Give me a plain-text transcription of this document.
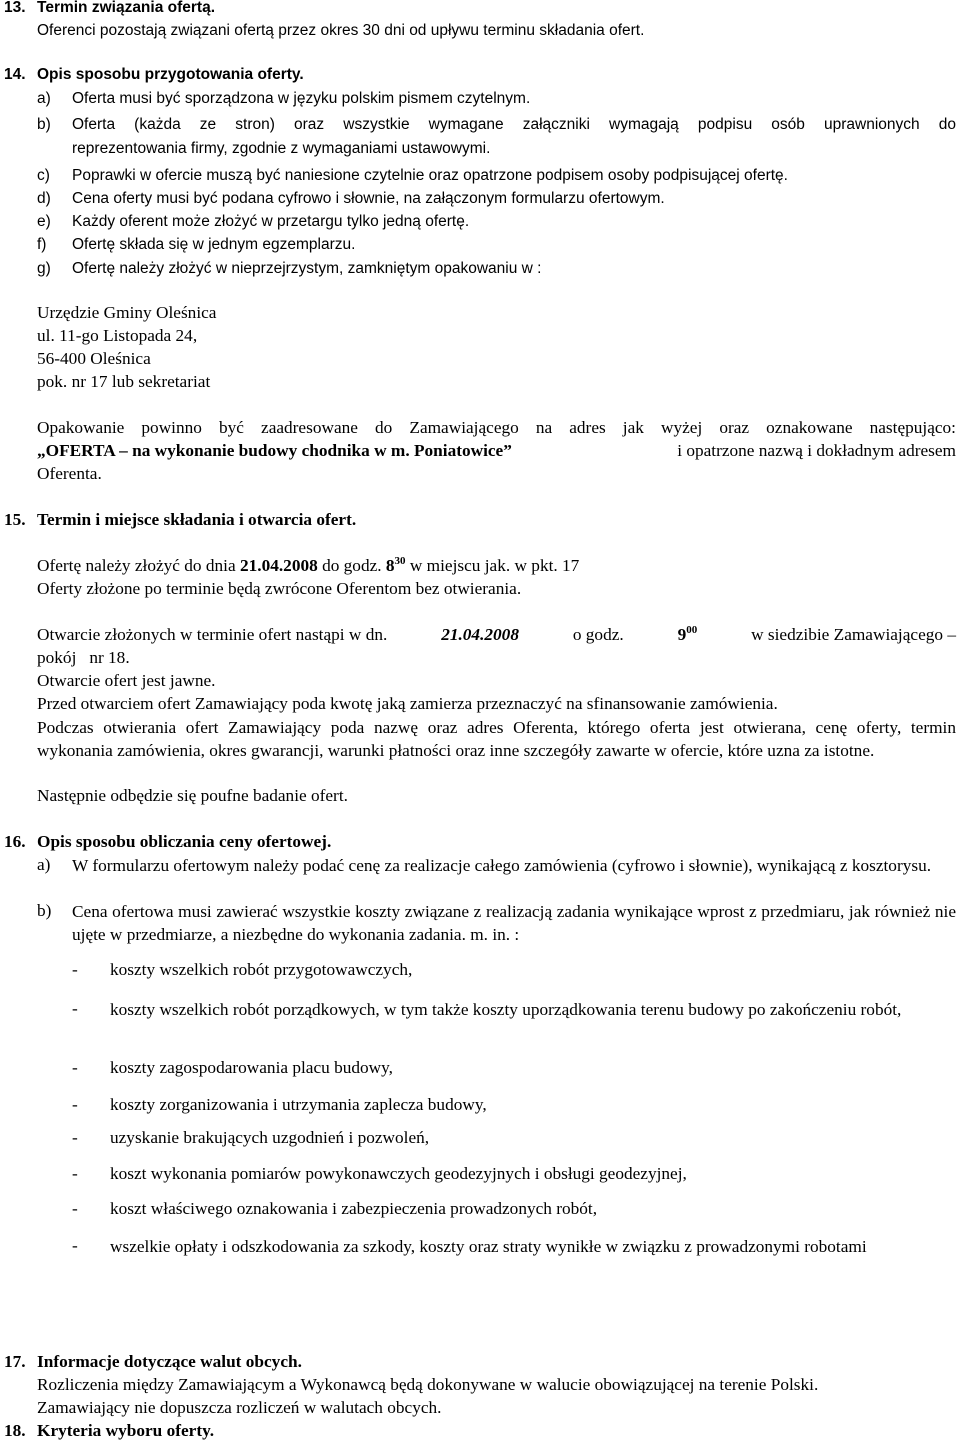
13. Termin związania ofertą.
Oferenci pozostają związani ofertą przez okres 30 dni od upływu terminu składania ofert.
14. Opis sposobu przygotowania oferty.
a) Oferta musi być sporządzona w języku polskim pismem czytelnym.
b) Oferta (każda ze stron) oraz wszystkie wymagane załączniki wymagają podpisu osób uprawnionych do
reprezentowania firmy, zgodnie z wymaganiami ustawowymi.
c) Poprawki w ofercie muszą być naniesione czytelnie oraz opatrzone podpisem osoby podpisującej ofertę.
d) Cena oferty musi być podana cyfrowo i słownie, na załączonym formularzu ofertowym.
e) Każdy oferent może złożyć w przetargu tylko jedną ofertę.
f) Ofertę składa się w jednym egzemplarzu.
g) Ofertę należy złożyć w nieprzejrzystym, zamkniętym opakowaniu w :
Urzędzie Gminy Oleśnica
ul. 11-go Listopada 24,
56-400 Oleśnica
pok. nr 17 lub sekretariat
Opakowanie powinno być zaadresowane do Zamawiającego na adres jak wyżej oraz oznakowane następująco:
„OFERTA – na wykonanie budowy chodnika w m. Poniatowice”	i opatrzone nazwą i dokładnym adresem
Oferenta.
15. Termin i miejsce składania i otwarcia ofert.
Ofertę należy złożyć do dnia 21.04.2008 do godz. $8^{30}$ w miejscu jak. w pkt. 17
Oferty złożone po terminie będą zwrócone Oferentom bez otwierania.
Otwarcie złożonych w terminie ofert nastąpi w dn.	21.04.2008	o godz.	$9^{00}$	w siedzibie Zamawiającego –
pokój   nr 18.
Otwarcie ofert jest jawne.
Przed otwarciem ofert Zamawiający poda kwotę jaką zamierza przeznaczyć na sfinansowanie zamówienia.
Podczas otwierania ofert Zamawiający poda nazwę oraz adres Oferenta, którego oferta jest otwierana, cenę oferty, termin wykonania zamówienia, okres gwarancji, warunki płatności oraz inne szczegóły zawarte w ofercie, które uzna za istotne.
Następnie odbędzie się poufne badanie ofert.
16. Opis sposobu obliczania ceny ofertowej.
a) W formularzu ofertowym należy podać cenę za realizacje całego zamówienia (cyfrowo i słownie), wynikającą z kosztorysu.
b) Cena ofertowa musi zawierać wszystkie koszty związane z realizacją zadania wynikające wprost z przedmiaru, jak również nie ujęte w przedmiarze, a niezbędne do wykonania zadania. m. in. :
- koszty wszelkich robót przygotowawczych,
- koszty wszelkich robót porządkowych, w tym także koszty uporządkowania terenu budowy po zakończeniu robót,
- koszty zagospodarowania placu budowy,
- koszty zorganizowania i utrzymania zaplecza budowy,
- uzyskanie brakujących uzgodnień i pozwoleń,
- koszt wykonania pomiarów powykonawczych geodezyjnych i obsługi geodezyjnej,
- koszt właściwego oznakowania i zabezpieczenia prowadzonych robót,
- wszelkie opłaty i odszkodowania za szkody, koszty oraz straty wynikłe w związku z prowadzonymi robotami
17. Informacje dotyczące walut obcych.
Rozliczenia między Zamawiającym a Wykonawcą będą dokonywane w walucie obowiązującej na terenie Polski.
Zamawiający nie dopuszcza rozliczeń w walutach obcych.
18. Kryteria wyboru oferty.
